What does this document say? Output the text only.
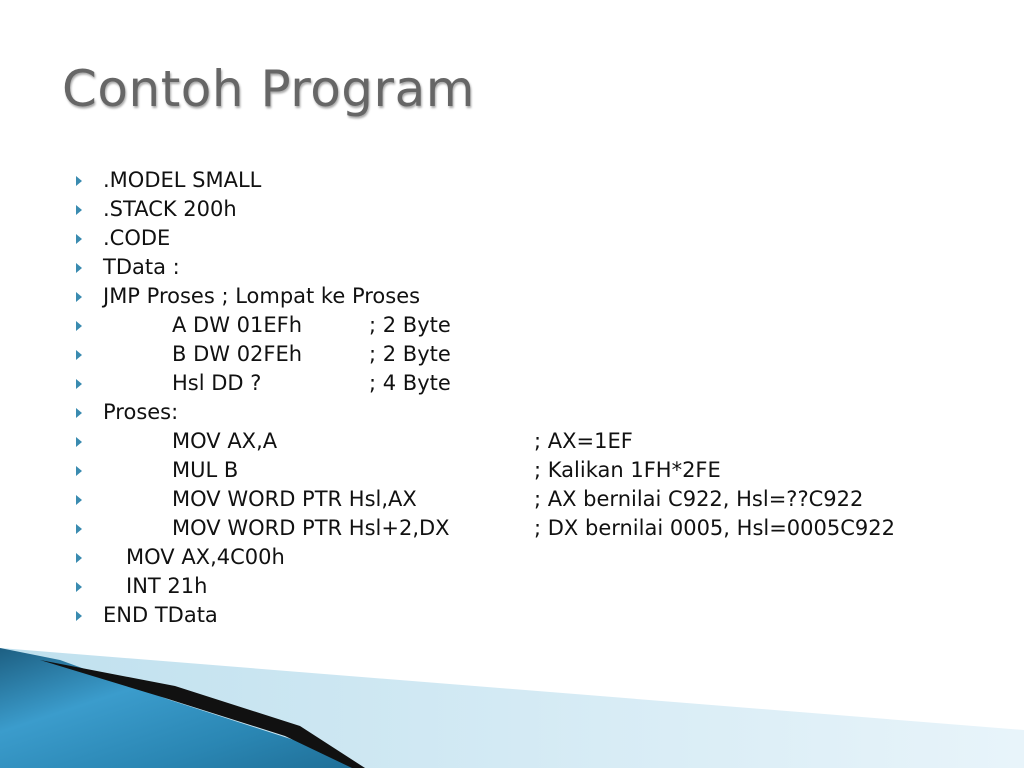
Contoh Program
.MODEL SMALL
.STACK 200h
.CODE
TData :
JMP Proses ; Lompat ke Proses
A DW 01EFh	; 2 Byte
B DW 02FEh	; 2 Byte
Hsl DD ?	; 4 Byte
Proses:
MOV AX,A	; AX=1EF
MUL B	; Kalikan 1FH*2FE
MOV WORD PTR Hsl,AX	; AX bernilai C922, Hsl=??C922
MOV WORD PTR Hsl+2,DX	; DX bernilai 0005, Hsl=0005C922
MOV AX,4C00h
INT 21h
END TData
